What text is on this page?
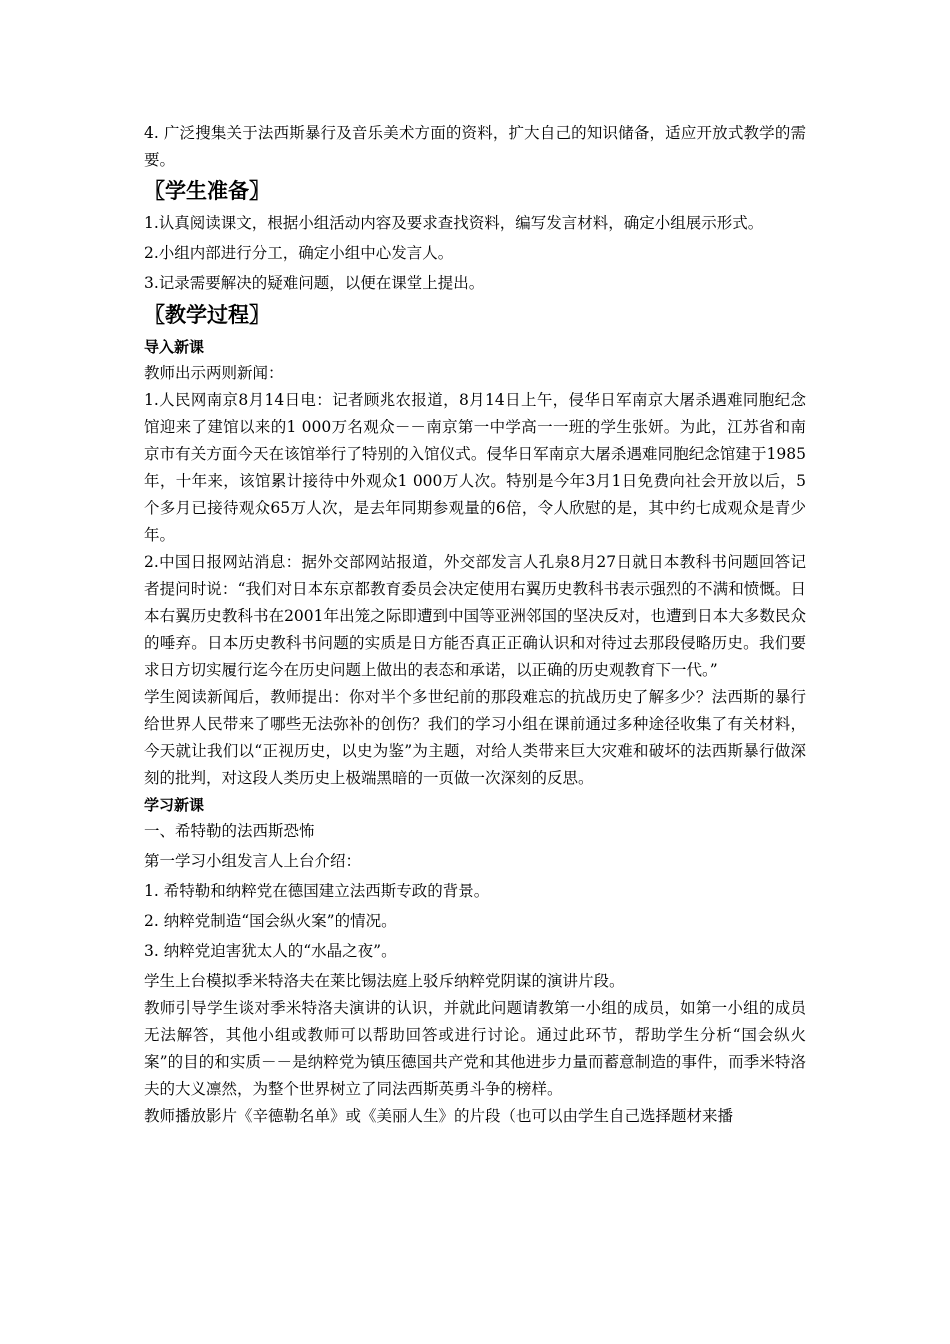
4. 广泛搜集关于法西斯暴行及音乐美术方面的资料，扩大自己的知识储备，适应开放式教学的需要。

〖学生准备〗

1.认真阅读课文，根据小组活动内容及要求查找资料，编写发言材料，确定小组展示形式。

2.小组内部进行分工，确定小组中心发言人。

3.记录需要解决的疑难问题，以便在课堂上提出。

〖教学过程〗
导入新课

教师出示两则新闻：

1.人民网南京8月14日电：记者顾兆农报道，8月14日上午，侵华日军南京大屠杀遇难同胞纪念馆迎来了建馆以来的1 000万名观众－－南京第一中学高一一班的学生张妍。为此，江苏省和南京市有关方面今天在该馆举行了特别的入馆仪式。侵华日军南京大屠杀遇难同胞纪念馆建于1985年，十年来，该馆累计接待中外观众1 000万人次。特别是今年3月1日免费向社会开放以后，5个多月已接待观众65万人次，是去年同期参观量的6倍，令人欣慰的是，其中约七成观众是青少年。

2.中国日报网站消息：据外交部网站报道，外交部发言人孔泉8月27日就日本教科书问题回答记者提问时说：“我们对日本东京都教育委员会决定使用右翼历史教科书表示强烈的不满和愤慨。日本右翼历史教科书在2001年出笼之际即遭到中国等亚洲邻国的坚决反对，也遭到日本大多数民众的唾弃。日本历史教科书问题的实质是日方能否真正正确认识和对待过去那段侵略历史。我们要求日方切实履行迄今在历史问题上做出的表态和承诺，以正确的历史观教育下一代。”

学生阅读新闻后，教师提出：你对半个多世纪前的那段难忘的抗战历史了解多少？法西斯的暴行给世界人民带来了哪些无法弥补的创伤？我们的学习小组在课前通过多种途径收集了有关材料，今天就让我们以“正视历史，以史为鉴”为主题，对给人类带来巨大灾难和破坏的法西斯暴行做深刻的批判，对这段人类历史上极端黑暗的一页做一次深刻的反思。

学习新课

一、希特勒的法西斯恐怖

第一学习小组发言人上台介绍：

1. 希特勒和纳粹党在德国建立法西斯专政的背景。

2. 纳粹党制造“国会纵火案”的情况。

3. 纳粹党迫害犹太人的“水晶之夜”。

学生上台模拟季米特洛夫在莱比锡法庭上驳斥纳粹党阴谋的演讲片段。

教师引导学生谈对季米特洛夫演讲的认识，并就此问题请教第一小组的成员，如第一小组的成员无法解答，其他小组或教师可以帮助回答或进行讨论。通过此环节，帮助学生分析“国会纵火案”的目的和实质－－是纳粹党为镇压德国共产党和其他进步力量而蓄意制造的事件，而季米特洛夫的大义凛然，为整个世界树立了同法西斯英勇斗争的榜样。

教师播放影片《辛德勒名单》或《美丽人生》的片段（也可以由学生自己选择题材来播
